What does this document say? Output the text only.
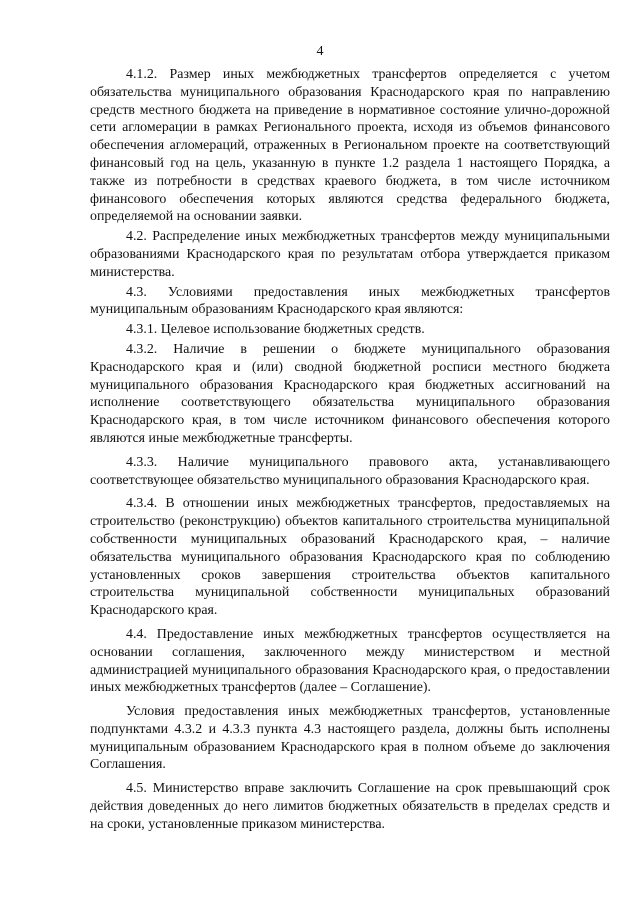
4

4.1.2. Размер иных межбюджетных трансфертов определяется с учетом обязательства муниципального образования Краснодарского края по направлению средств местного бюджета на приведение в нормативное состояние улично-дорожной сети агломерации в рамках Регионального проекта, исходя из объемов финансового обеспечения агломераций, отраженных в Региональном проекте на соответствующий финансовый год на цель, указанную в пункте 1.2 раздела 1 настоящего Порядка, а также из потребности в средствах краевого бюджета, в том числе источником финансового обеспечения которых являются средства федерального бюджета, определяемой на основании заявки.

4.2. Распределение иных межбюджетных трансфертов между муниципальными образованиями Краснодарского края по результатам отбора утверждается приказом министерства.

4.3. Условиями предоставления иных межбюджетных трансфертов муниципальным образованиям Краснодарского края являются:

4.3.1. Целевое использование бюджетных средств.

4.3.2. Наличие в решении о бюджете муниципального образования Краснодарского края и (или) сводной бюджетной росписи местного бюджета муниципального образования Краснодарского края бюджетных ассигнований на исполнение соответствующего обязательства муниципального образования Краснодарского края, в том числе источником финансового обеспечения которого являются иные межбюджетные трансферты.

4.3.3. Наличие муниципального правового акта, устанавливающего соответствующее обязательство муниципального образования Краснодарского края.

4.3.4. В отношении иных межбюджетных трансфертов, предоставляемых на строительство (реконструкцию) объектов капитального строительства муниципальной собственности муниципальных образований Краснодарского края, – наличие обязательства муниципального образования Краснодарского края по соблюдению установленных сроков завершения строительства объектов капитального строительства муниципальной собственности муниципальных образований Краснодарского края.

4.4. Предоставление иных межбюджетных трансфертов осуществляется на основании соглашения, заключенного между министерством и местной администрацией муниципального образования Краснодарского края, о предоставлении иных межбюджетных трансфертов (далее – Соглашение).

Условия предоставления иных межбюджетных трансфертов, установленные подпунктами 4.3.2 и 4.3.3 пункта 4.3 настоящего раздела, должны быть исполнены муниципальным образованием Краснодарского края в полном объеме до заключения Соглашения.

4.5. Министерство вправе заключить Соглашение на срок превышающий срок действия доведенных до него лимитов бюджетных обязательств в пределах средств и на сроки, установленные приказом министерства.
